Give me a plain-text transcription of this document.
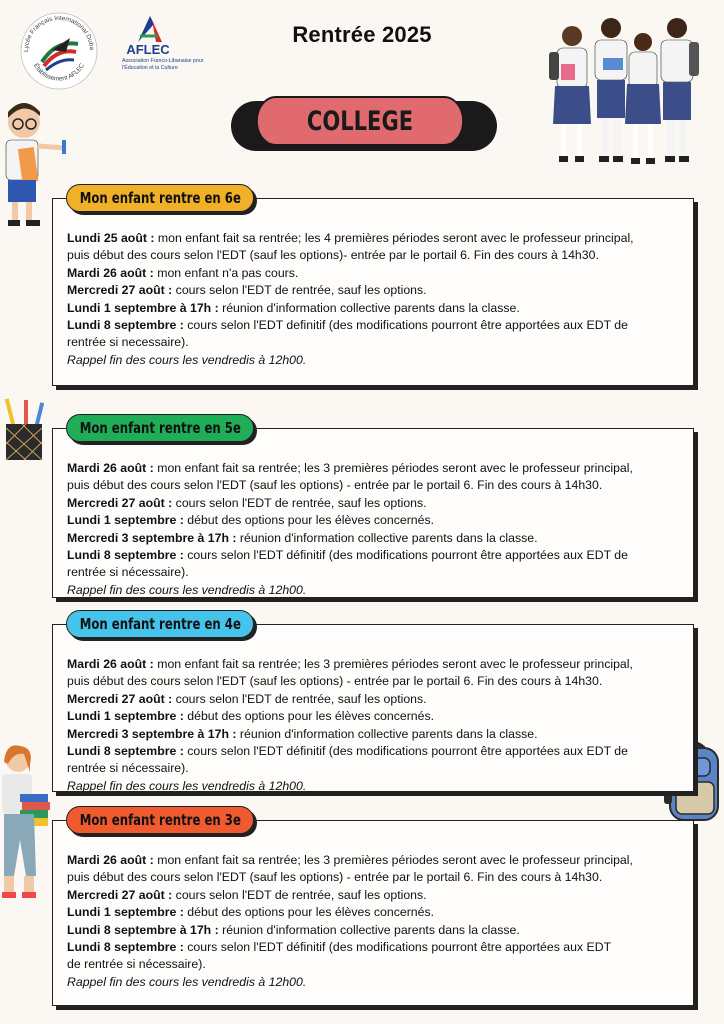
Lycée Français International Duba
Établissement AFLEC
AFLEC
Association Franco-Libanaise pour l'Éducation et la Culture
Rentrée 2025
COLLEGE
Lundi 25 août : mon enfant fait sa rentrée; les 4 premières périodes seront avec le professeur principal,
puis début des cours selon l'EDT (sauf les options)- entrée par le portail 6. Fin des cours à 14h30.
Mardi 26 août : mon enfant n'a pas cours.
Mercredi 27 août : cours selon l'EDT de rentrée, sauf les options.
Lundi 1 septembre à 17h : réunion d'information collective parents dans la classe.
Lundi 8 septembre : cours selon l'EDT definitif (des modifications pourront être apportées aux EDT de
rentrée si necessaire).
Rappel fin des cours les vendredis à 12h00.
Mon enfant rentre en 6e
Mardi 26 août : mon enfant fait sa rentrée; les 3 premières périodes seront avec le professeur principal,
puis début des cours selon l'EDT (sauf les options) - entrée par le portail 6. Fin des cours à 14h30.
Mercredi 27 août : cours selon l'EDT de rentrée, sauf les options.
Lundi 1 septembre : début des options pour les élèves concernés.
Mercredi 3 septembre à 17h : réunion d'information collective parents dans la classe.
Lundi 8 septembre : cours selon l'EDT définitif (des modifications pourront être apportées aux EDT de
rentrée si nécessaire).
Rappel fin des cours les vendredis à 12h00.
Mon enfant rentre en 5e
Mardi 26 août : mon enfant fait sa rentrée; les 3 premières périodes seront avec le professeur principal,
puis début des cours selon l'EDT (sauf les options) - entrée par le portail 6. Fin des cours à 14h30.
Mercredi 27 août : cours selon l'EDT de rentrée, sauf les options.
Lundi 1 septembre : début des options pour les élèves concernés.
Mercredi 3 septembre à 17h : réunion d'information collective parents dans la classe.
Lundi 8 septembre : cours selon l'EDT définitif (des modifications pourront être apportées aux EDT de
rentrée si nécessaire).
Rappel fin des cours les vendredis à 12h00.
Mon enfant rentre en 4e
Mardi 26 août : mon enfant fait sa rentrée; les 3 premières périodes seront avec le professeur principal,
puis début des cours selon l'EDT (sauf les options) - entrée par le portail 6. Fin des cours à 14h30.
Mercredi 27 août : cours selon l'EDT de rentrée, sauf les options.
Lundi 1 septembre : début des options pour les élèves concernés.
Lundi 8 septembre à 17h : réunion d'information collective parents dans la classe.
Lundi 8 septembre : cours selon l'EDT définitif (des modifications pourront être apportées aux EDT
de rentrée si nécessaire).
Rappel fin des cours les vendredis à 12h00.
Mon enfant rentre en 3e
